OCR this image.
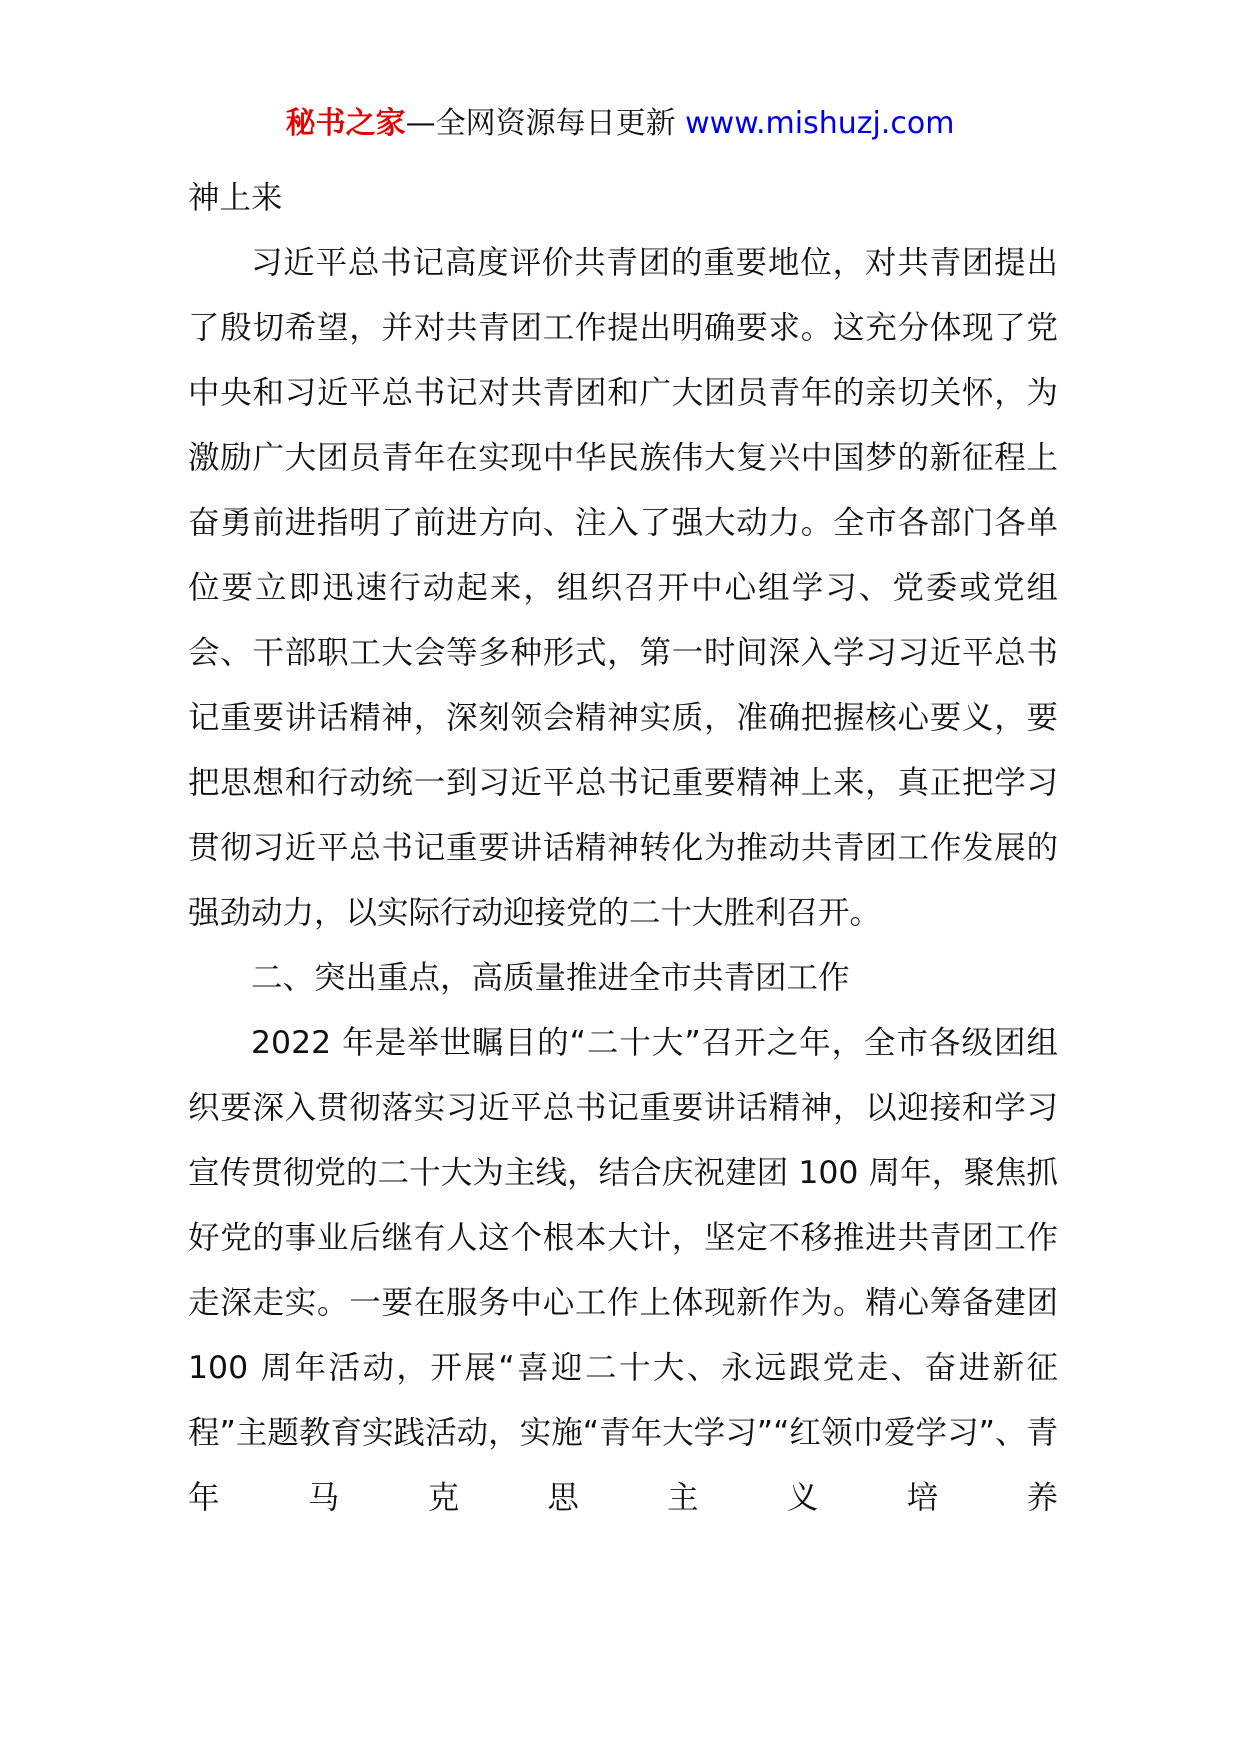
秘书之家—全网资源每日更新 www.mishuzj.com

神上来

习近平总书记高度评价共青团的重要地位，对共青团提出了殷切希望，并对共青团工作提出明确要求。这充分体现了党中央和习近平总书记对共青团和广大团员青年的亲切关怀，为激励广大团员青年在实现中华民族伟大复兴中国梦的新征程上奋勇前进指明了前进方向、注入了强大动力。全市各部门各单位要立即迅速行动起来，组织召开中心组学习、党委或党组会、干部职工大会等多种形式，第一时间深入学习习近平总书记重要讲话精神，深刻领会精神实质，准确把握核心要义，要把思想和行动统一到习近平总书记重要精神上来，真正把学习贯彻习近平总书记重要讲话精神转化为推动共青团工作发展的强劲动力，以实际行动迎接党的二十大胜利召开。

二、突出重点，高质量推进全市共青团工作

2022 年是举世瞩目的“二十大”召开之年，全市各级团组织要深入贯彻落实习近平总书记重要讲话精神，以迎接和学习宣传贯彻党的二十大为主线，结合庆祝建团 100 周年，聚焦抓好党的事业后继有人这个根本大计，坚定不移推进共青团工作走深走实。一要在服务中心工作上体现新作为。精心筹备建团 100 周年活动，开展“喜迎二十大、永远跟党走、奋进新征程”主题教育实践活动，实施“青年大学习”“红领巾爱学习”、青年马克思主义培养
